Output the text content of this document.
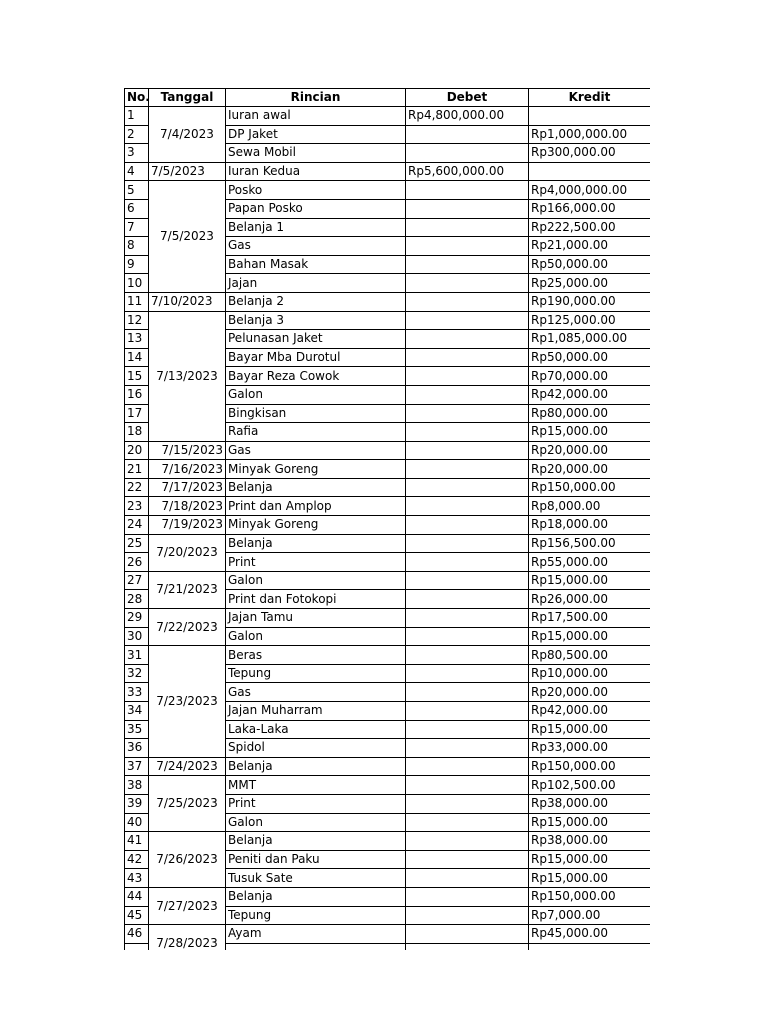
No.	Tanggal	Rincian	Debet	Kredit	
1	7/4/2023	Iuran awal	Rp4,800,000.00		
2		DP Jaket		Rp1,000,000.00	
3		Sewa Mobil		Rp300,000.00	
4	7/5/2023	Iuran Kedua	Rp5,600,000.00		
5	7/5/2023	Posko		Rp4,000,000.00	
6		Papan Posko		Rp166,000.00	
7		Belanja 1		Rp222,500.00	
8		Gas		Rp21,000.00	
9		Bahan Masak		Rp50,000.00	
10		Jajan		Rp25,000.00	
11	7/10/2023	Belanja 2		Rp190,000.00	
12	7/13/2023	Belanja 3		Rp125,000.00	
13		Pelunasan Jaket		Rp1,085,000.00	
14		Bayar Mba Durotul		Rp50,000.00	
15		Bayar Reza Cowok		Rp70,000.00	
16		Galon		Rp42,000.00	
17		Bingkisan		Rp80,000.00	
18		Rafia		Rp15,000.00	
20	7/15/2023	Gas		Rp20,000.00	
21	7/16/2023	Minyak Goreng		Rp20,000.00	
22	7/17/2023	Belanja		Rp150,000.00	
23	7/18/2023	Print dan Amplop		Rp8,000.00	
24	7/19/2023	Minyak Goreng		Rp18,000.00	
25	7/20/2023	Belanja		Rp156,500.00	
26		Print		Rp55,000.00	
27	7/21/2023	Galon		Rp15,000.00	
28		Print dan Fotokopi		Rp26,000.00	
29	7/22/2023	Jajan Tamu		Rp17,500.00	
30		Galon		Rp15,000.00	
31	7/23/2023	Beras		Rp80,500.00	
32		Tepung		Rp10,000.00	
33		Gas		Rp20,000.00	
34		Jajan Muharram		Rp42,000.00	
35		Laka-Laka		Rp15,000.00	
36		Spidol		Rp33,000.00	
37	7/24/2023	Belanja		Rp150,000.00	
38	7/25/2023	MMT		Rp102,500.00	
39		Print		Rp38,000.00	
40		Galon		Rp15,000.00	
41	7/26/2023	Belanja		Rp38,000.00	
42		Peniti dan Paku		Rp15,000.00	
43		Tusuk Sate		Rp15,000.00	
44	7/27/2023	Belanja		Rp150,000.00	
45		Tepung		Rp7,000.00	
46	7/28/2023	Ayam		Rp45,000.00	
